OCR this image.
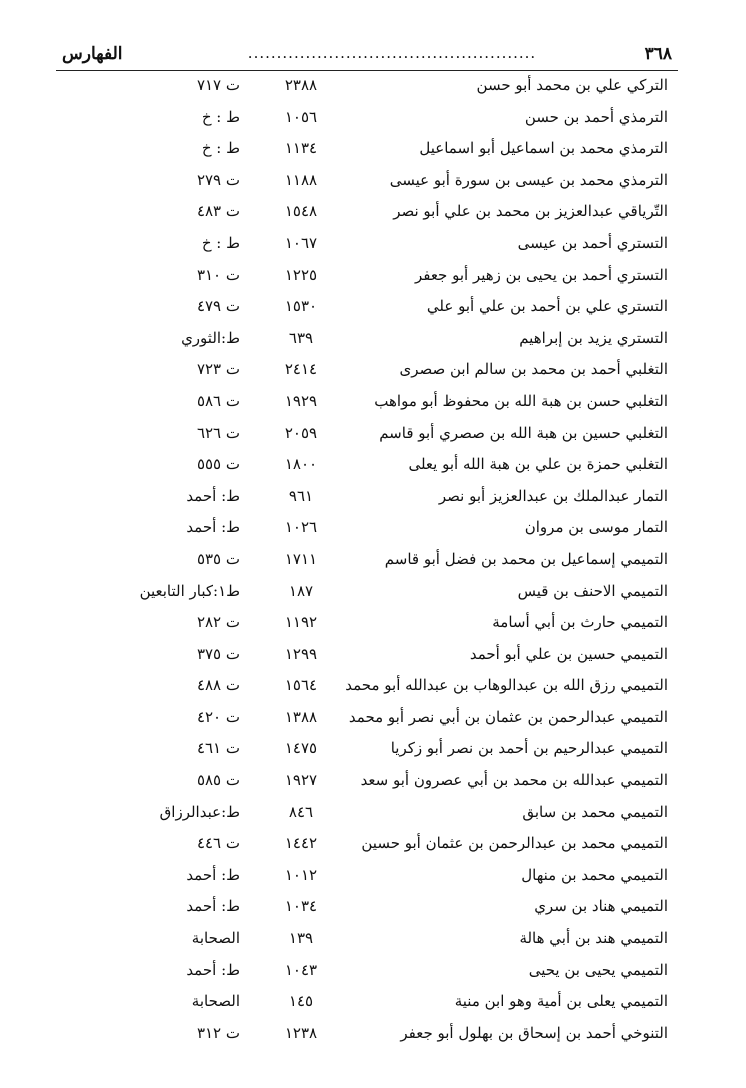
٣٦٨
..................................................
الفهارس
التركي علي بن محمد أبو حسن
٢٣٨٨
ت ٧١٧
الترمذي أحمد بن حسن
١٠٥٦
ط : خ
الترمذي محمد بن اسماعيل أبو اسماعيل
١١٣٤
ط : خ
الترمذي محمد بن عيسى بن سورة أبو عيسى
١١٨٨
ت ٢٧٩
التّرياقي عبدالعزيز بن محمد بن علي أبو نصر
١٥٤٨
ت ٤٨٣
التستري أحمد بن عيسى
١٠٦٧
ط : خ
التستري أحمد بن يحيى بن زهير أبو جعفر
١٢٢٥
ت ٣١٠
التستري علي بن أحمد بن علي أبو علي
١٥٣٠
ت ٤٧٩
التستري يزيد بن إبراهيم
٦٣٩
ط:الثوري
التغلبي أحمد بن محمد بن سالم ابن صصرى
٢٤١٤
ت ٧٢٣
التغلبي حسن بن هبة الله بن محفوظ أبو مواهب
١٩٢٩
ت ٥٨٦
التغلبي حسين بن هبة الله بن صصري أبو قاسم
٢٠٥٩
ت ٦٢٦
التغلبي حمزة بن علي بن هبة الله أبو يعلى
١٨٠٠
ت ٥٥٥
التمار عبدالملك بن عبدالعزيز أبو نصر
٩٦١
ط: أحمد
التمار موسى بن مروان
١٠٢٦
ط: أحمد
التميمي إسماعيل بن محمد بن فضل أبو قاسم
١٧١١
ت ٥٣٥
التميمي الاحنف بن قيس
١٨٧
ط١:كبار التابعين
التميمي حارث بن أبي أسامة
١١٩٢
ت ٢٨٢
التميمي حسين بن علي أبو أحمد
١٢٩٩
ت ٣٧٥
التميمي رزق الله بن عبدالوهاب بن عبدالله أبو محمد
١٥٦٤
ت ٤٨٨
التميمي عبدالرحمن بن عثمان بن أبي نصر أبو محمد
١٣٨٨
ت ٤٢٠
التميمي عبدالرحيم بن أحمد بن نصر أبو زكريا
١٤٧٥
ت ٤٦١
التميمي عبدالله بن محمد بن أبي عصرون أبو سعد
١٩٢٧
ت ٥٨٥
التميمي محمد بن سابق
٨٤٦
ط:عبدالرزاق
التميمي محمد بن عبدالرحمن بن عثمان أبو حسين
١٤٤٢
ت ٤٤٦
التميمي محمد بن منهال
١٠١٢
ط: أحمد
التميمي هناد بن سري
١٠٣٤
ط: أحمد
التميمي هند بن أبي هالة
١٣٩
الصحابة
التميمي يحيى بن يحيى
١٠٤٣
ط: أحمد
التميمي يعلى بن أمية وهو ابن منية
١٤٥
الصحابة
التنوخي أحمد بن إسحاق بن بهلول أبو جعفر
١٢٣٨
ت ٣١٢
